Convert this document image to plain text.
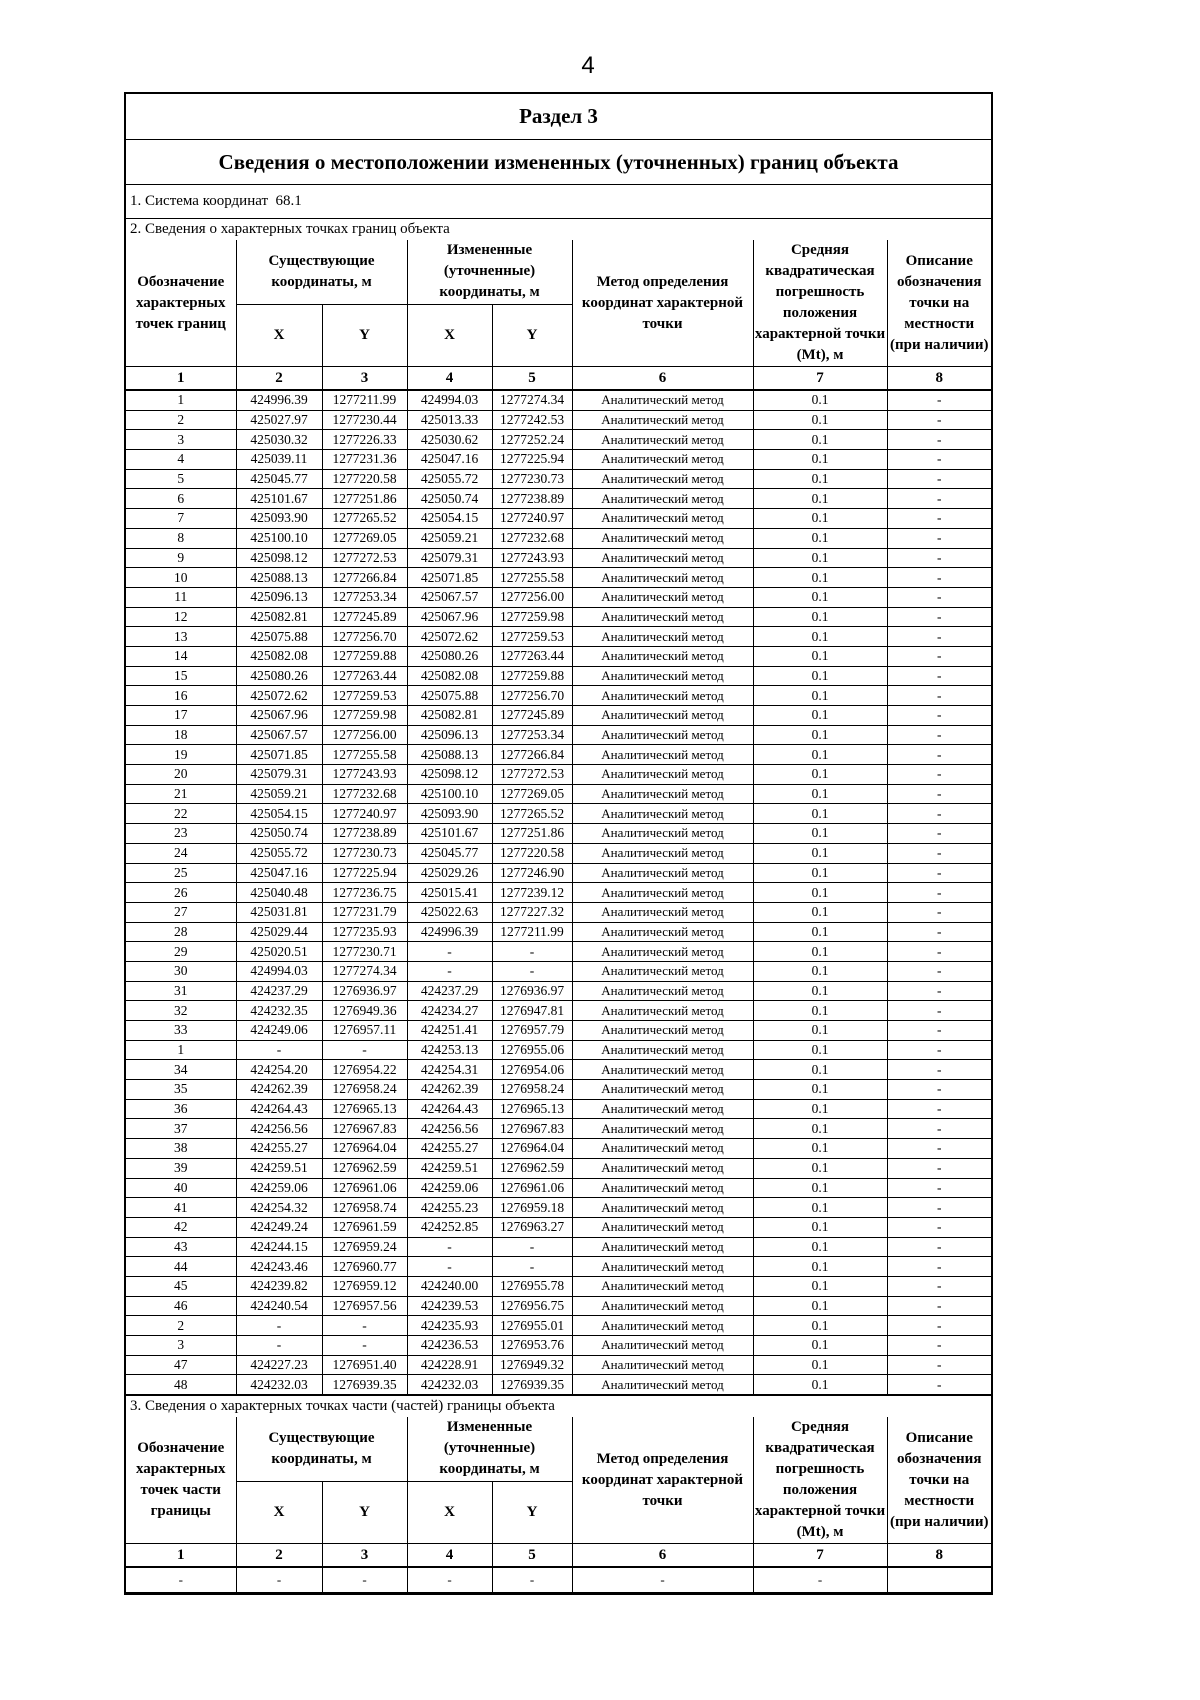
4
Раздел 3
Сведения о местоположении измененных (уточненных) границ объекта
1. Система координат 68.1
2. Сведения о характерных точках границ объекта
Обозначение характерных точек границ	Существующие координаты, м		Измененные (уточненные) координаты, м		Метод определения координат характерной точки	Средняя квадратическая погрешность положения характерной точки (Mt), м	Описание обозначения точки на местности (при наличии)
	X	Y	X	Y			
1	2	3	4	5	6	7	8
1	424996.39	1277211.99	424994.03	1277274.34	Аналитический метод	0.1	-
2	425027.97	1277230.44	425013.33	1277242.53	Аналитический метод	0.1	-
3	425030.32	1277226.33	425030.62	1277252.24	Аналитический метод	0.1	-
4	425039.11	1277231.36	425047.16	1277225.94	Аналитический метод	0.1	-
5	425045.77	1277220.58	425055.72	1277230.73	Аналитический метод	0.1	-
6	425101.67	1277251.86	425050.74	1277238.89	Аналитический метод	0.1	-
7	425093.90	1277265.52	425054.15	1277240.97	Аналитический метод	0.1	-
8	425100.10	1277269.05	425059.21	1277232.68	Аналитический метод	0.1	-
9	425098.12	1277272.53	425079.31	1277243.93	Аналитический метод	0.1	-
10	425088.13	1277266.84	425071.85	1277255.58	Аналитический метод	0.1	-
11	425096.13	1277253.34	425067.57	1277256.00	Аналитический метод	0.1	-
12	425082.81	1277245.89	425067.96	1277259.98	Аналитический метод	0.1	-
13	425075.88	1277256.70	425072.62	1277259.53	Аналитический метод	0.1	-
14	425082.08	1277259.88	425080.26	1277263.44	Аналитический метод	0.1	-
15	425080.26	1277263.44	425082.08	1277259.88	Аналитический метод	0.1	-
16	425072.62	1277259.53	425075.88	1277256.70	Аналитический метод	0.1	-
17	425067.96	1277259.98	425082.81	1277245.89	Аналитический метод	0.1	-
18	425067.57	1277256.00	425096.13	1277253.34	Аналитический метод	0.1	-
19	425071.85	1277255.58	425088.13	1277266.84	Аналитический метод	0.1	-
20	425079.31	1277243.93	425098.12	1277272.53	Аналитический метод	0.1	-
21	425059.21	1277232.68	425100.10	1277269.05	Аналитический метод	0.1	-
22	425054.15	1277240.97	425093.90	1277265.52	Аналитический метод	0.1	-
23	425050.74	1277238.89	425101.67	1277251.86	Аналитический метод	0.1	-
24	425055.72	1277230.73	425045.77	1277220.58	Аналитический метод	0.1	-
25	425047.16	1277225.94	425029.26	1277246.90	Аналитический метод	0.1	-
26	425040.48	1277236.75	425015.41	1277239.12	Аналитический метод	0.1	-
27	425031.81	1277231.79	425022.63	1277227.32	Аналитический метод	0.1	-
28	425029.44	1277235.93	424996.39	1277211.99	Аналитический метод	0.1	-
29	425020.51	1277230.71	-	-	Аналитический метод	0.1	-
30	424994.03	1277274.34	-	-	Аналитический метод	0.1	-
31	424237.29	1276936.97	424237.29	1276936.97	Аналитический метод	0.1	-
32	424232.35	1276949.36	424234.27	1276947.81	Аналитический метод	0.1	-
33	424249.06	1276957.11	424251.41	1276957.79	Аналитический метод	0.1	-
1	-	-	424253.13	1276955.06	Аналитический метод	0.1	-
34	424254.20	1276954.22	424254.31	1276954.06	Аналитический метод	0.1	-
35	424262.39	1276958.24	424262.39	1276958.24	Аналитический метод	0.1	-
36	424264.43	1276965.13	424264.43	1276965.13	Аналитический метод	0.1	-
37	424256.56	1276967.83	424256.56	1276967.83	Аналитический метод	0.1	-
38	424255.27	1276964.04	424255.27	1276964.04	Аналитический метод	0.1	-
39	424259.51	1276962.59	424259.51	1276962.59	Аналитический метод	0.1	-
40	424259.06	1276961.06	424259.06	1276961.06	Аналитический метод	0.1	-
41	424254.32	1276958.74	424255.23	1276959.18	Аналитический метод	0.1	-
42	424249.24	1276961.59	424252.85	1276963.27	Аналитический метод	0.1	-
43	424244.15	1276959.24	-	-	Аналитический метод	0.1	-
44	424243.46	1276960.77	-	-	Аналитический метод	0.1	-
45	424239.82	1276959.12	424240.00	1276955.78	Аналитический метод	0.1	-
46	424240.54	1276957.56	424239.53	1276956.75	Аналитический метод	0.1	-
2	-	-	424235.93	1276955.01	Аналитический метод	0.1	-
3	-	-	424236.53	1276953.76	Аналитический метод	0.1	-
47	424227.23	1276951.40	424228.91	1276949.32	Аналитический метод	0.1	-
48	424232.03	1276939.35	424232.03	1276939.35	Аналитический метод	0.1	-
3. Сведения о характерных точках части (частей) границы объекта
Обозначение характерных точек части границы	Существующие координаты, м		Измененные (уточненные) координаты, м		Метод определения координат характерной точки	Средняя квадратическая погрешность положения характерной точки (Mt), м	Описание обозначения точки на местности (при наличии)
	X	Y	X	Y			
1	2	3	4	5	6	7	8
-	-	-	-	-	-	-	
